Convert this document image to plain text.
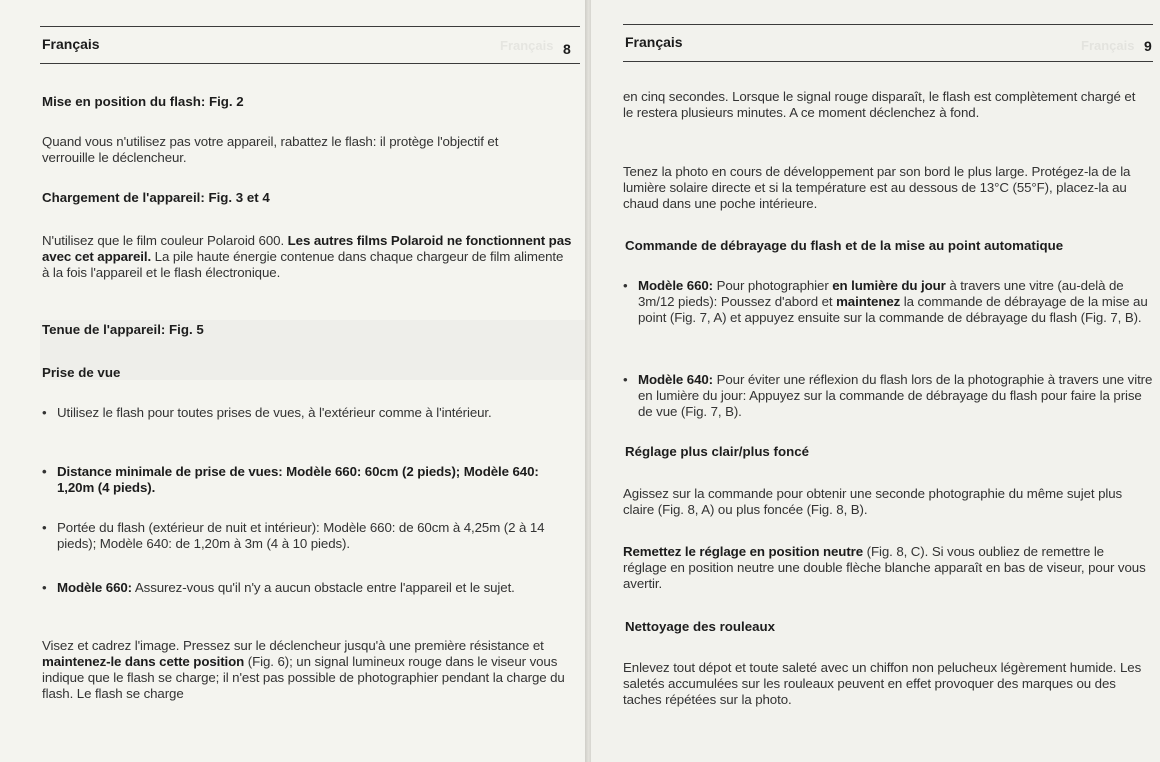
Français
Français	8
Mise en position du flash: Fig. 2

Quand vous n'utilisez pas votre appareil, rabattez le flash: il protège l'objectif et verrouille le déclencheur.

Chargement de l'appareil: Fig. 3 et 4

N'utilisez que le film couleur Polaroid 600. Les autres films Polaroid ne fonctionnent pas avec cet appareil. La pile haute énergie contenue dans chaque chargeur de film alimente à la fois l'appareil et le flash électronique.

Tenue de l'appareil: Fig. 5
Prise de vue

• Utilisez le flash pour toutes prises de vues, à l'extérieur comme à l'intérieur.

• Distance minimale de prise de vues: Modèle 660: 60cm (2 pieds); Modèle 640: 1,20m (4 pieds).

• Portée du flash (extérieur de nuit et intérieur): Modèle 660: de 60cm à 4,25m (2 à 14 pieds); Modèle 640: de 1,20m à 3m (4 à 10 pieds).

• Modèle 660: Assurez-vous qu'il n'y a aucun obstacle entre l'appareil et le sujet.

Visez et cadrez l'image. Pressez sur le déclencheur jusqu'à une première résistance et maintenez-le dans cette position (Fig. 6); un signal lumineux rouge dans le viseur vous indique que le flash se charge; il n'est pas possible de photographier pendant la charge du flash. Le flash se charge

Français
Français	9

en cinq secondes. Lorsque le signal rouge disparaît, le flash est complètement chargé et le restera plusieurs minutes. A ce moment déclenchez à fond.

Tenez la photo en cours de développement par son bord le plus large. Protégez-la de la lumière solaire directe et si la température est au dessous de 13°C (55°F), placez-la au chaud dans une poche intérieure.

Commande de débrayage du flash et de la mise au point automatique

• Modèle 660: Pour photographier en lumière du jour à travers une vitre (au-delà de 3m/12 pieds): Poussez d'abord et maintenez la commande de débrayage de la mise au point (Fig. 7, A) et appuyez ensuite sur la commande de débrayage du flash (Fig. 7, B).

• Modèle 640: Pour éviter une réflexion du flash lors de la photographie à travers une vitre en lumière du jour: Appuyez sur la commande de débrayage du flash pour faire la prise de vue (Fig. 7, B).

Réglage plus clair/plus foncé

Agissez sur la commande pour obtenir une seconde photographie du même sujet plus claire (Fig. 8, A) ou plus foncée (Fig. 8, B).

Remettez le réglage en position neutre (Fig. 8, C). Si vous oubliez de remettre le réglage en position neutre une double flèche blanche apparaît en bas de viseur, pour vous avertir.

Nettoyage des rouleaux

Enlevez tout dépot et toute saleté avec un chiffon non pelucheux légèrement humide. Les saletés accumulées sur les rouleaux peuvent en effet provoquer des marques ou des taches répétées sur la photo.
